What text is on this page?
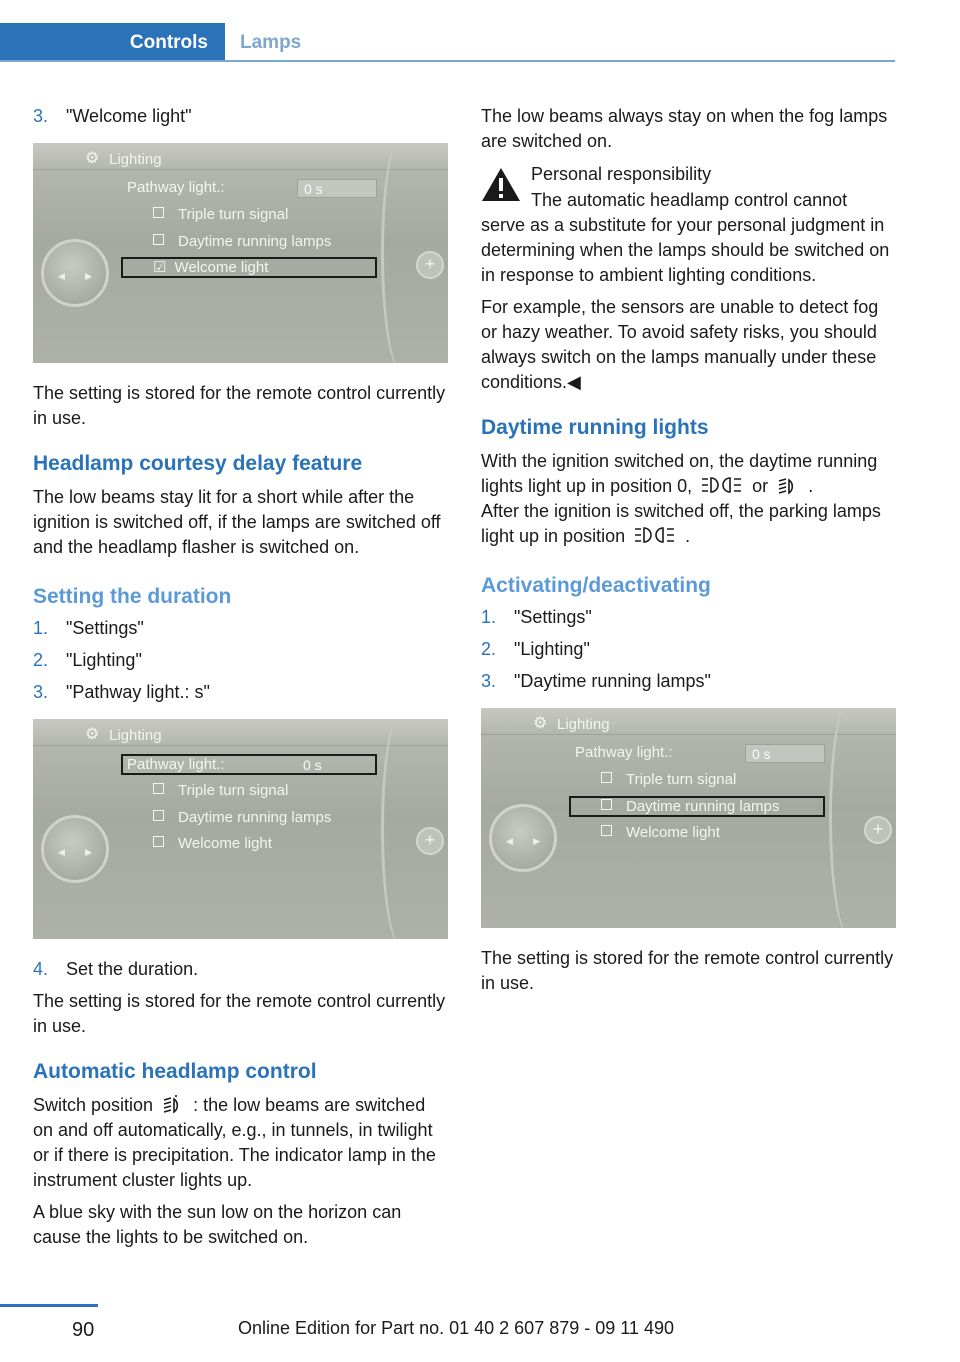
Controls	Lamps
3. "Welcome light"
⚙ Lighting
◀ ▶
+
Pathway light.:	0 s
Triple turn signal
Daytime running lamps
☑ Welcome light

The setting is stored for the remote control currently in use.

Headlamp courtesy delay feature

The low beams stay lit for a short while after the ignition is switched off, if the lamps are switched off and the headlamp flasher is switched on.

Setting the duration
1. "Settings"
2. "Lighting"
3. "Pathway light.: s"
⚙ Lighting
◀ ▶
+
Pathway light.:	0 s
Triple turn signal
Daytime running lamps
Welcome light
4. Set the duration.

The setting is stored for the remote control currently in use.

Automatic headlamp control

Switch position : the low beams are switched on and off automatically, e.g., in tunnels, in twilight or if there is precipitation. The indicator lamp in the instrument cluster lights up.

A blue sky with the sun low on the horizon can cause the lights to be switched on.

The low beams always stay on when the fog lamps are switched on.

Personal responsibility

The automatic headlamp control cannot serve as a substitute for your personal judgment in determining when the lamps should be switched on in response to ambient lighting conditions.

For example, the sensors are unable to detect fog or hazy weather. To avoid safety risks, you should always switch on the lamps manually under these conditions.◀

Daytime running lights

With the ignition switched on, the daytime running lights light up in position 0,	or .
After the ignition is switched off, the parking lamps light up in position	.

Activating/deactivating
1. "Settings"
2. "Lighting"
3. "Daytime running lamps"
⚙ Lighting
◀ ▶
+
Pathway light.:	0 s
Triple turn signal
Daytime running lamps
Welcome light

The setting is stored for the remote control currently in use.

90	Online Edition for Part no. 01 40 2 607 879 - 09 11 490
